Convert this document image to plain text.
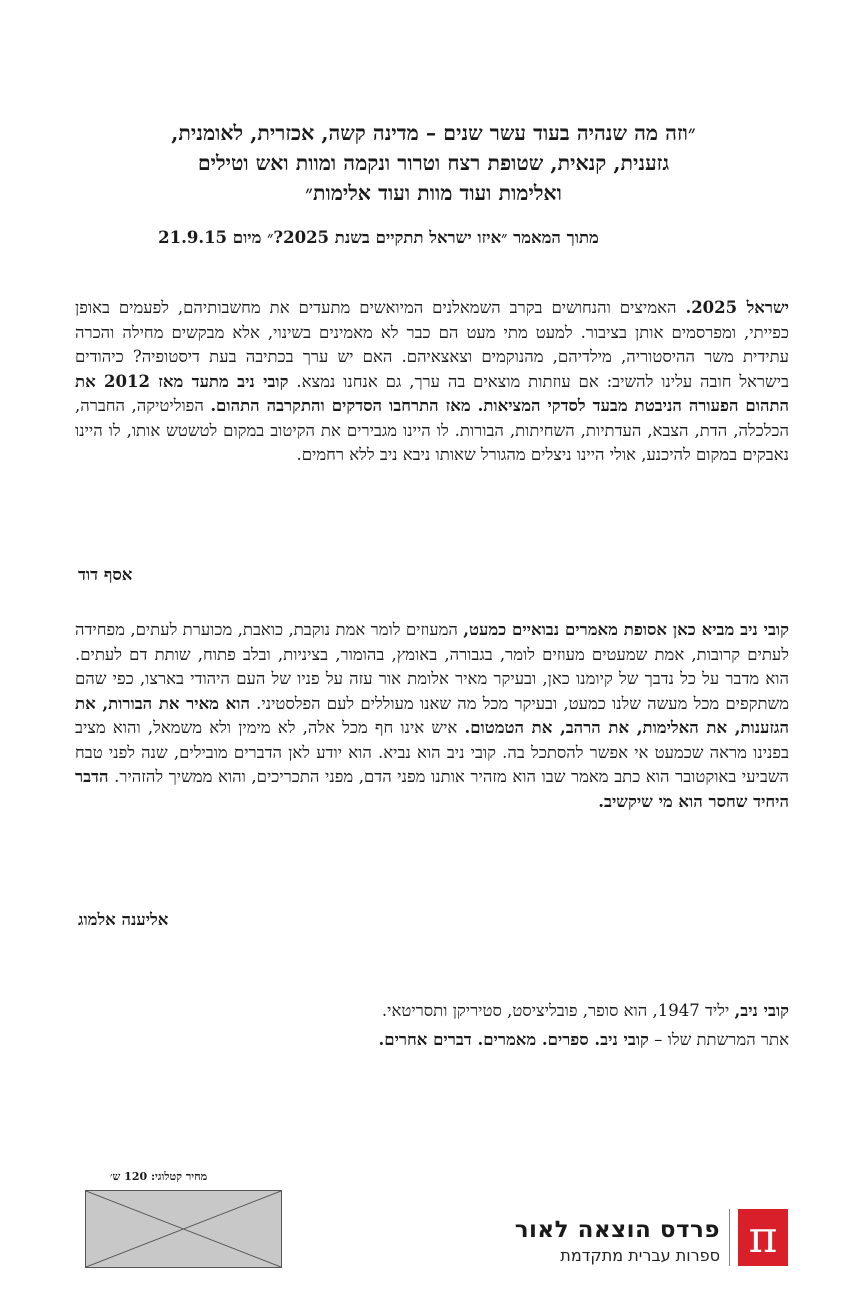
״וזה מה שנהיה בעוד עשר שנים – מדינה קשה, אכזרית, לאומנית,
גזענית, קנאית, שטופת רצח וטרור ונקמה ומוות ואש וטילים
ואלימות ועוד מוות ועוד אלימות״
מתוך המאמר ״איזו ישראל תתקיים בשנת 2025?״ מיום 21.9.15
ישראל 2025. האמיצים והנחושים בקרב השמאלנים המיואשים מתעדים את מחשבותיהם, לפעמים באופן כפייתי, ומפרסמים אותן בציבור. למעט מתי מעט הם כבר לא מאמינים בשינוי, אלא מבקשים מחילה והכרה עתידית משר ההיסטוריה, מילדיהם, מהנוקמים וצאצאיהם. האם יש ערך בכתיבה בעת דיסטופיה? כיהודים בישראל חובה עלינו להשיב: אם עוזתות מוצאים בה ערך, גם אנחנו נמצא. קובי ניב מתעד מאז 2012 את התהום הפעורה הניבטת מבעד לסדקי המציאות. מאז התרחבו הסדקים והתקרבה התהום. הפוליטיקה, החברה, הכלכלה, הדת, הצבא, העדתיות, השחיתות, הבורות. לו היינו מגבירים את הקיטוב במקום לטשטש אותו, לו היינו נאבקים במקום להיכנע, אולי היינו ניצלים מהגורל שאותו ניבא ניב ללא רחמים.
אסף דוד
קובי ניב מביא כאן אסופת מאמרים נבואיים כמעט, המעוזים לומר אמת נוקבת, כואבת, מכוערת לעתים, מפחידה לעתים קרובות, אמת שמעטים מעוזים לומר, בגבורה, באומץ, בהומור, בציניות, ובלב פתוח, שותת דם לעתים. הוא מדבר על כל נדבך של קיומנו כאן, ובעיקר מאיר אלומת אור עזה על פניו של העם היהודי בארצו, כפי שהם משתקפים מכל מעשה שלנו כמעט, ובעיקר מכל מה שאנו מעוללים לעם הפלסטיני. הוא מאיר את הבורות, את הגזענות, את האלימות, את הרהב, את הטמטום. איש אינו חף מכל אלה, לא מימין ולא משמאל, והוא מציב בפנינו מראה שכמעט אי אפשר להסתכל בה. קובי ניב הוא נביא. הוא יודע לאן הדברים מובילים, שנה לפני טבח השביעי באוקטובר הוא כתב מאמר שבו הוא מזהיר אותנו מפני הדם, מפני התכריכים, והוא ממשיך להזהיר. הדבר היחיד שחסר הוא מי שיקשיב.
אליענה אלמוג
קובי ניב, יליד 1947, הוא סופר, פובליציסט, סטיריקן ותסריטאי.
אתר המרשתת שלו – קובי ניב. ספרים. מאמרים. דברים אחרים.
מחיר קטלוגי: 120 ש׳
π
פרדס הוצאה לאור
ספרות עברית מתקדמת
